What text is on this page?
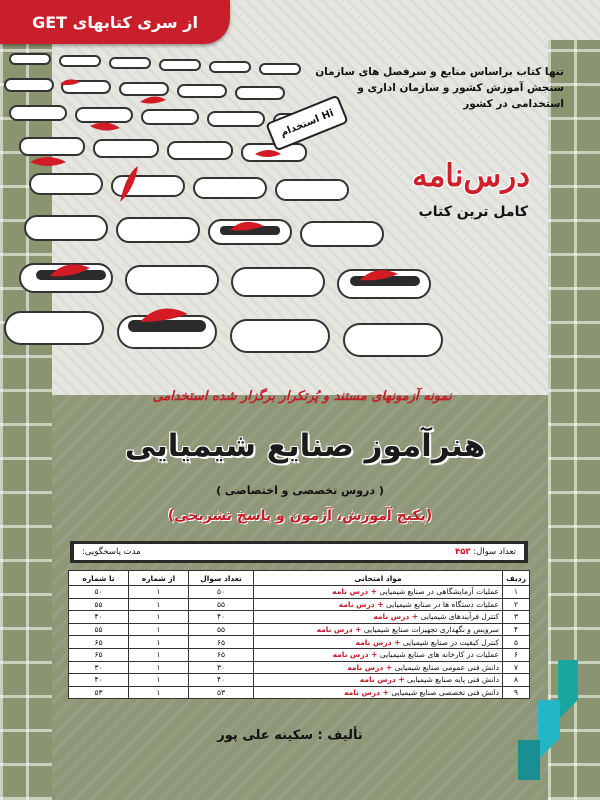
از سری کتابهای GET
تنها کتاب براساس منابع و سرفصل های سازمان سنجش آموزش کشور و سازمان اداری و استخدامی در کشور
Hi استخدام
درس‌نامه
کامل ترین کتاب
نمونه آزمونهای مستند و پُرتکرار برگزار شده استخدامی
هنرآموز صنایع شیمیایی
( دروس تخصصی و اختصاصی )
(پکیج آموزش، آزمون و پاسخ تشریحی)
تعداد سوال: ۴۵۳
مدت پاسخگویی:
ردیف	مواد امتحانی	تعداد سوال	از شماره	تا شماره
۱	عملیات آزمایشگاهی در صنایع شیمیایی + درس نامه	۵۰	۱	۵۰
۲	عملیات دستگاه ها در صنایع شیمیایی + درس نامه	۵۵	۱	۵۵
۳	کنترل فرآیندهای شیمیایی + درس نامه	۴۰	۱	۴۰
۴	سرویس و نگهداری تجهیزات صنایع شیمیایی + درس نامه	۵۵	۱	۵۵
۵	کنترل کیفیت در صنایع شیمیایی + درس نامه	۶۵	۱	۶۵
۶	عملیات در کارخانه های صنایع شیمیایی + درس نامه	۶۵	۱	۶۵
۷	دانش فنی عمومی صنایع شیمیایی + درس نامه	۳۰	۱	۳۰
۸	دانش فنی پایه صنایع شیمیایی + درس نامه	۴۰	۱	۴۰
۹	دانش فنی تخصصی صنایع شیمیایی + درس نامه	۵۳	۱	۵۳
تألیف : سکینه علی پور
